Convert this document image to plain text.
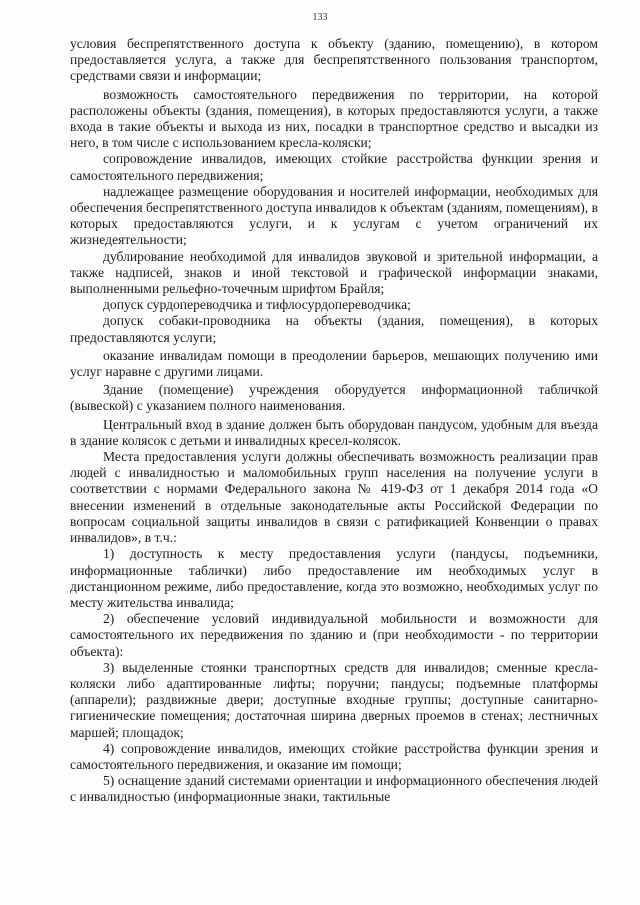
133

условия беспрепятственного доступа к объекту (зданию, помещению), в котором предоставляется услуга, а также для беспрепятственного пользования транспортом, средствами связи и информации;

возможность самостоятельного передвижения по территории, на которой расположены объекты (здания, помещения), в которых предоставляются услуги, а также входа в такие объекты и выхода из них, посадки в транспортное средство и высадки из него, в том числе с использованием кресла-коляски;

сопровождение инвалидов, имеющих стойкие расстройства функции зрения и самостоятельного передвижения;

надлежащее размещение оборудования и носителей информации, необходимых для обеспечения беспрепятственного доступа инвалидов к объектам (зданиям, помещениям), в которых предоставляются услуги, и к услугам с учетом ограничений их жизнедеятельности;

дублирование необходимой для инвалидов звуковой и зрительной информации, а также надписей, знаков и иной текстовой и графической информации знаками, выполненными рельефно-точечным шрифтом Брайля;

допуск сурдопереводчика и тифлосурдопереводчика;

допуск собаки-проводника на объекты (здания, помещения), в которых предоставляются услуги;

оказание инвалидам помощи в преодолении барьеров, мешающих получению ими услуг наравне с другими лицами.

Здание (помещение) учреждения оборудуется информационной табличкой (вывеской) с указанием полного наименования.

Центральный вход в здание должен быть оборудован пандусом, удобным для въезда в здание колясок с детьми и инвалидных кресел-колясок.

Места предоставления услуги должны обеспечивать возможность реализации прав людей с инвалидностью и маломобильных групп населения на получение услуги в соответствии с нормами Федерального закона № 419-ФЗ от 1 декабря 2014 года «О внесении изменений в отдельные законодательные акты Российской Федерации по вопросам социальной защиты инвалидов в связи с ратификацией Конвенции о правах инвалидов», в т.ч.:

1) доступность к месту предоставления услуги (пандусы, подъемники, информационные таблички) либо предоставление им необходимых услуг в дистанционном режиме, либо предоставление, когда это возможно, необходимых услуг по месту жительства инвалида;

2) обеспечение условий индивидуальной мобильности и возможности для самостоятельного их передвижения по зданию и (при необходимости - по территории объекта):

3) выделенные стоянки транспортных средств для инвалидов; сменные кресла-коляски либо адаптированные лифты; поручни; пандусы; подъемные платформы (аппарели); раздвижные двери; доступные входные группы; доступные санитарно-гигиенические помещения; достаточная ширина дверных проемов в стенах; лестничных маршей; площадок;

4) сопровождение инвалидов, имеющих стойкие расстройства функции зрения и самостоятельного передвижения, и оказание им помощи;

5) оснащение зданий системами ориентации и информационного обеспечения людей с инвалидностью (информационные знаки, тактильные
